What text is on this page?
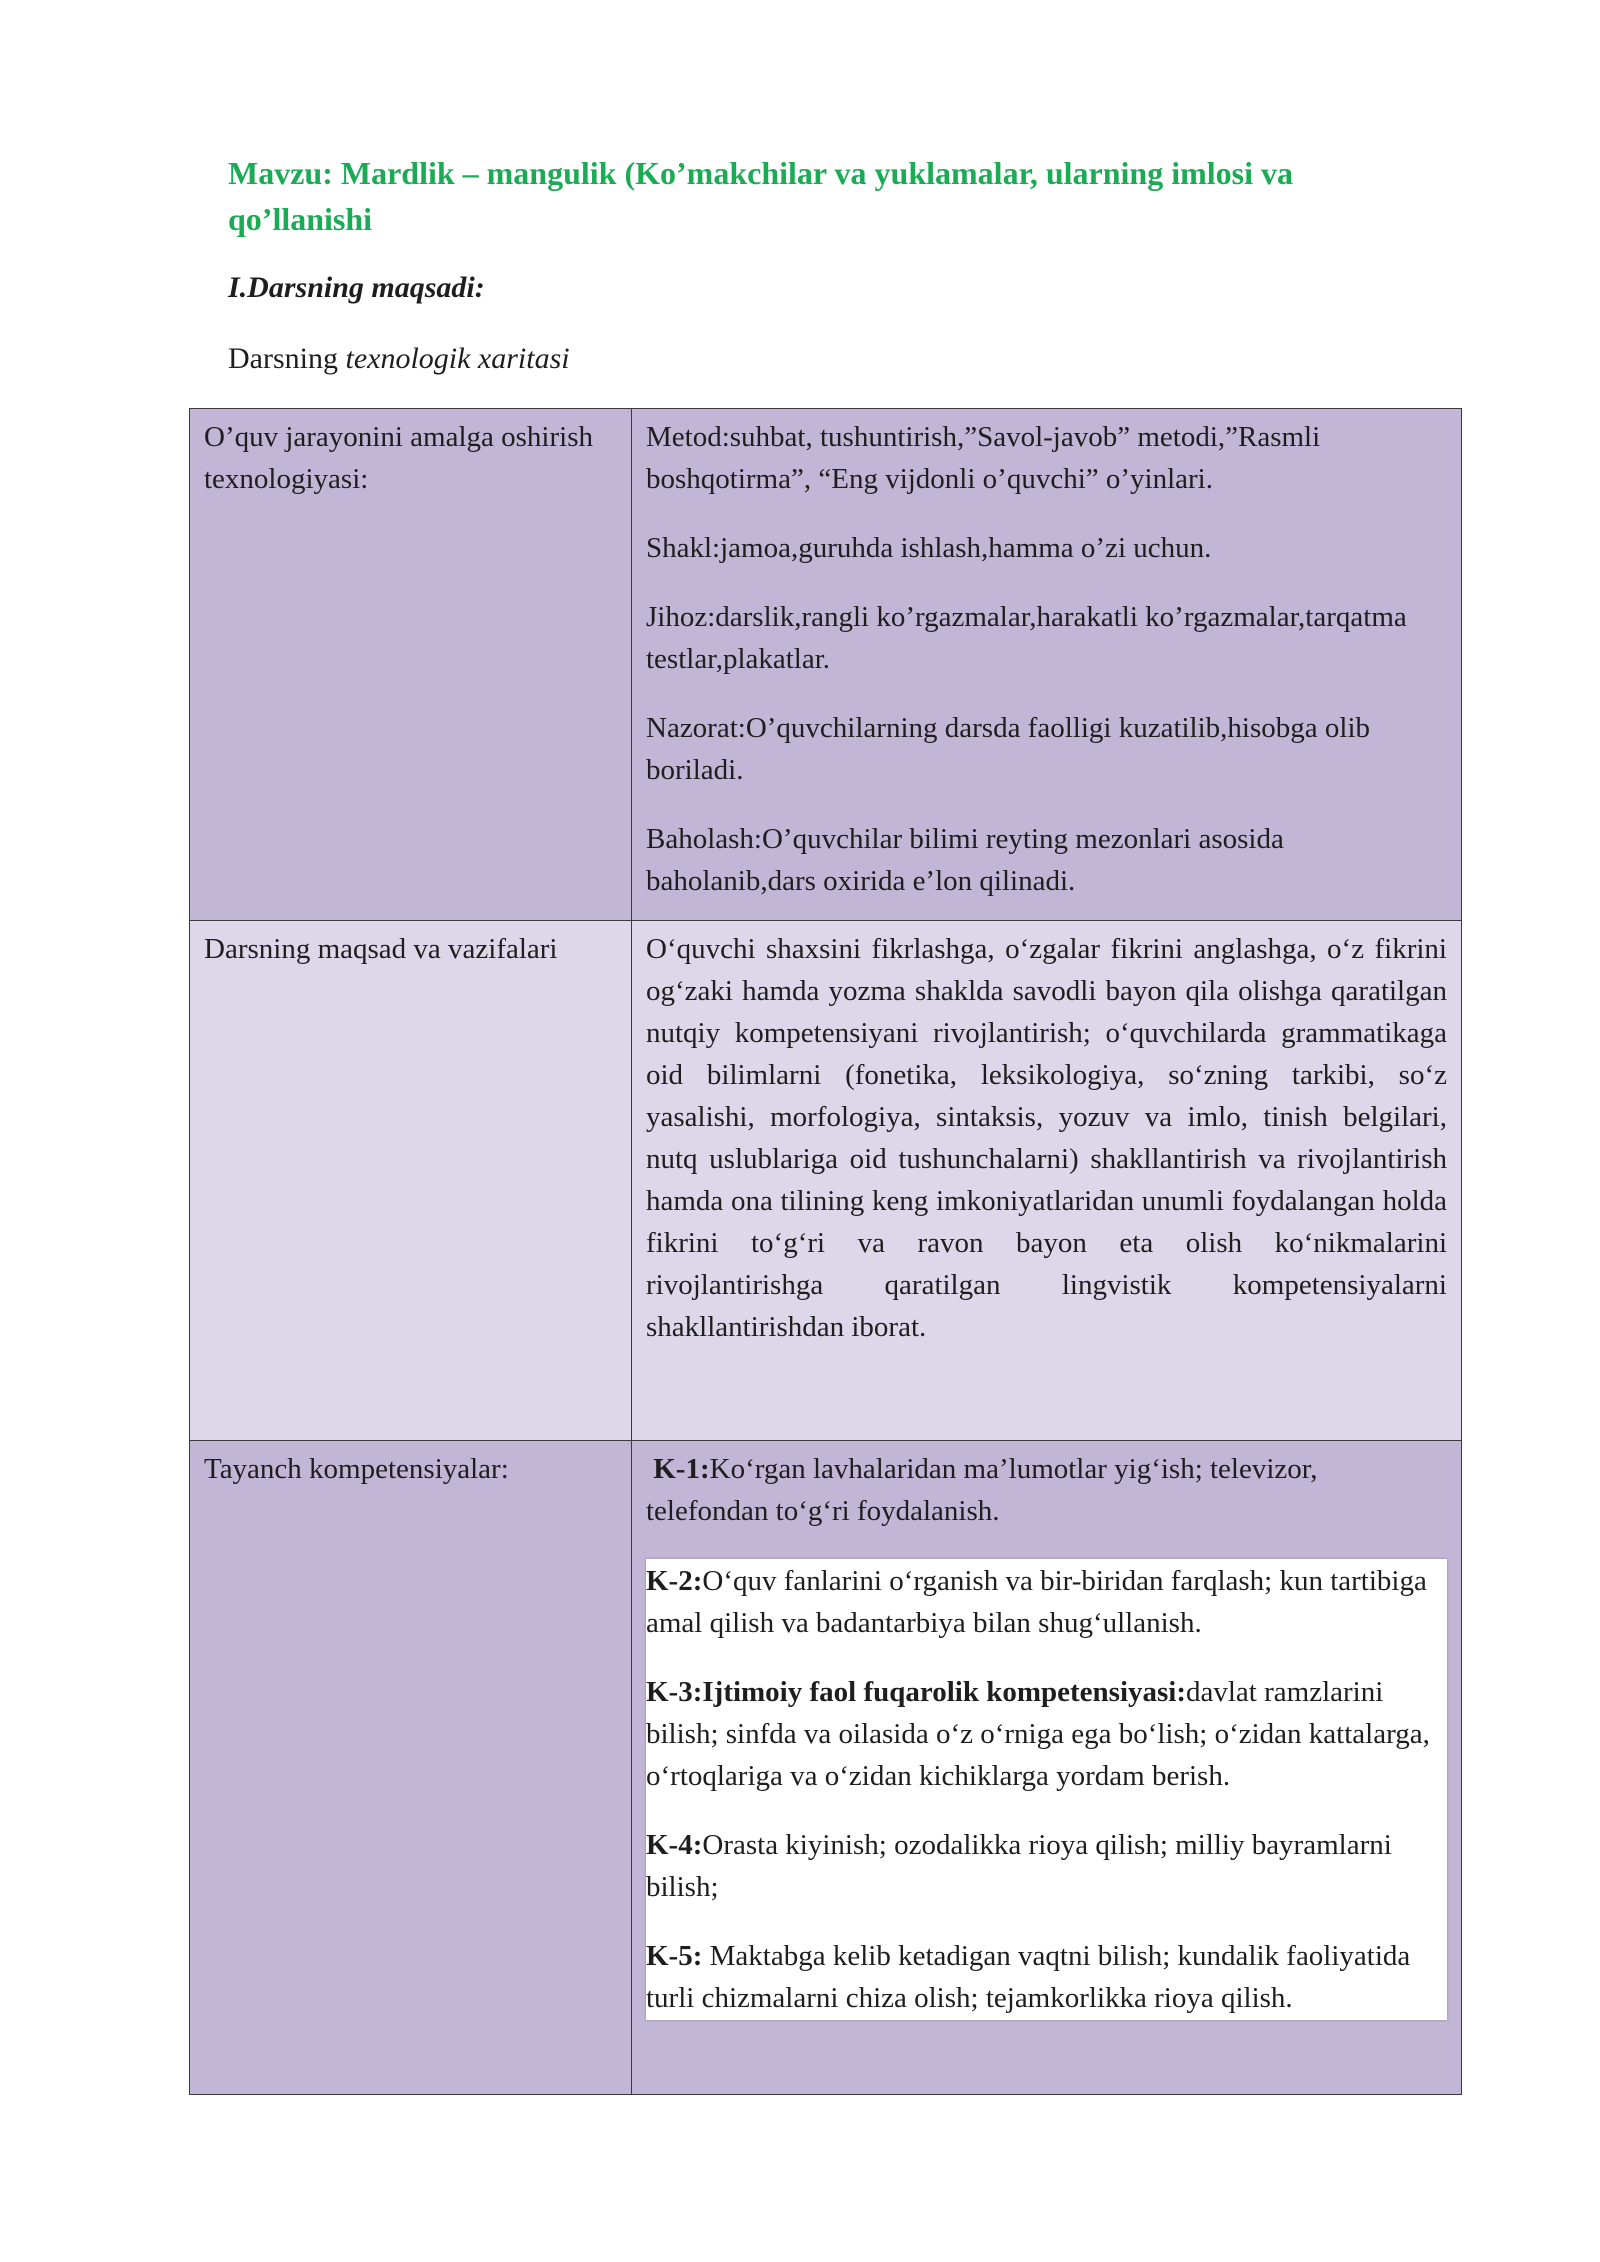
Mavzu: Mardlik – mangulik (Ko’makchilar va yuklamalar, ularning imlosi va qo’llanishi
I.Darsning maqsadi:
Darsning texnologik xaritasi
O’quv jarayonini amalga oshirish texnologiyasi:	Metod:suhbat, tushuntirish,”Savol-javob” metodi,”Rasmli boshqotirma”, “Eng vijdonli o’quvchi” o’yinlari.

Shakl:jamoa,guruhda ishlash,hamma o’zi uchun.

Jihoz:darslik,rangli ko’rgazmalar,harakatli ko’rgazmalar,tarqatma testlar,plakatlar.

Nazorat:O’quvchilarning darsda faolligi kuzatilib,hisobga olib boriladi.

Baholash:O’quvchilar bilimi reyting mezonlari asosida baholanib,dars oxirida e’lon qilinadi.

Darsning maqsad va vazifalari	O‘quvchi shaxsini fikrlashga, o‘zgalar fikrini anglashga, o‘z fikrini og‘zaki hamda yozma shaklda savodli bayon qila olishga qaratilgan nutqiy kompetensiyani rivojlantirish; o‘quvchilarda grammatikaga oid bilimlarni (fonetika, leksikologiya, so‘zning tarkibi, so‘z yasalishi, morfologiya, sintaksis, yozuv va imlo, tinish belgilari, nutq uslublariga oid tushunchalarni) shakllantirish va rivojlantirish hamda ona tilining keng imkoniyatlaridan unumli foydalangan holda fikrini to‘g‘ri va ravon bayon eta olish ko‘nikmalarini rivojlantirishga qaratilgan lingvistik kompetensiyalarni shakllantirishdan iborat.

Tayanch kompetensiyalar:	K-1:Ko‘rgan lavhalaridan ma’lumotlar yig‘ish; televizor, telefondan to‘g‘ri foydalanish.

K-2:O‘quv fanlarini o‘rganish va bir-biridan farqlash; kun tartibiga amal qilish va badantarbiya bilan shug‘ullanish.

K-3:Ijtimoiy faol fuqarolik kompetensiyasi:davlat ramzlarini bilish; sinfda va oilasida o‘z o‘rniga ega bo‘lish; o‘zidan kattalarga, o‘rtoqlariga va o‘zidan kichiklarga yordam berish.

K-4:Orasta kiyinish; ozodalikka rioya qilish; milliy bayramlarni bilish;

K-5: Maktabga kelib ketadigan vaqtni bilish; kundalik faoliyatida turli chizmalarni chiza olish; tejamkorlikka rioya qilish.
